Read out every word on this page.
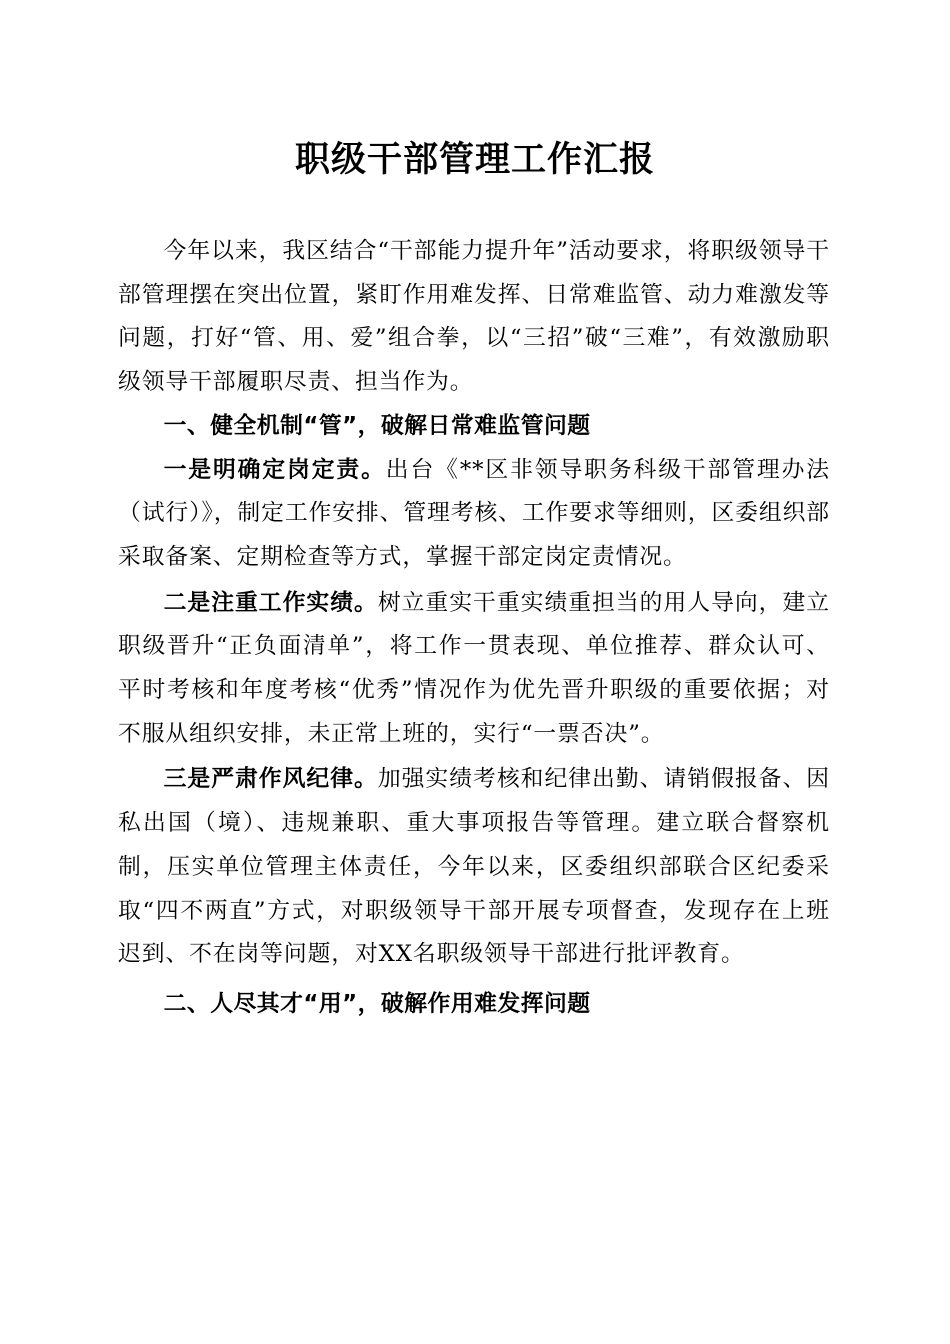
职级干部管理工作汇报

今年以来，我区结合“干部能力提升年”活动要求，将职级领导干部管理摆在突出位置，紧盯作用难发挥、日常难监管、动力难激发等问题，打好“管、用、爱”组合拳，以“三招”破“三难”，有效激励职级领导干部履职尽责、担当作为。

一、健全机制“管”，破解日常难监管问题

一是明确定岗定责。出台《**区非领导职务科级干部管理办法（试行）》，制定工作安排、管理考核、工作要求等细则，区委组织部采取备案、定期检查等方式，掌握干部定岗定责情况。

二是注重工作实绩。树立重实干重实绩重担当的用人导向，建立职级晋升“正负面清单”，将工作一贯表现、单位推荐、群众认可、平时考核和年度考核“优秀”情况作为优先晋升职级的重要依据；对不服从组织安排，未正常上班的，实行“一票否决”。

三是严肃作风纪律。加强实绩考核和纪律出勤、请销假报备、因私出国（境）、违规兼职、重大事项报告等管理。建立联合督察机制，压实单位管理主体责任，今年以来，区委组织部联合区纪委采取“四不两直”方式，对职级领导干部开展专项督查，发现存在上班迟到、不在岗等问题，对XX名职级领导干部进行批评教育。

二、人尽其才“用”，破解作用难发挥问题
